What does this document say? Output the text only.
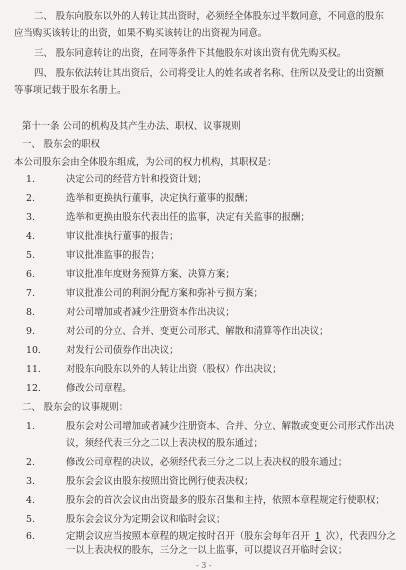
二、 股东向股东以外的人转让其出资时，必须经全体股东过半数同意，不同意的股东应当购买该转让的出资，如果不购买该转让的出资视为同意。
三、 股东同意转让的出资，在同等条件下其他股东对该出资有优先购买权。
四、 股东依法转让其出资后，公司将受让人的姓名或者名称、住所以及受让的出资额等事项记载于股东名册上。
第十一条 公司的机构及其产生办法、职权、议事规则
一、 股东会的职权
本公司股东会由全体股东组成，为公司的权力机构，其职权是：
1.	决定公司的经营方针和投资计划；
2.	选举和更换执行董事，决定执行董事的报酬；
3.	选举和更换由股东代表出任的监事，决定有关监事的报酬；
4.	审议批准执行董事的报告；
5.	审议批准监事的报告；
6.	审议批准年度财务预算方案、决算方案；
7.	审议批准公司的利润分配方案和弥补亏损方案；
8.	对公司增加或者减少注册资本作出决议；
9.	对公司的分立、合并、变更公司形式、解散和清算等作出决议；
10.	对发行公司债券作出决议；
11.	对股东向股东以外的人转让出资（股权）作出决议；
12.	修改公司章程。
二、 股东会的议事规则：
1.	股东会对公司增加或者减少注册资本、合并、分立、解散或变更公司形式作出决
议，须经代表三分之二以上表决权的股东通过；
2.	修改公司章程的决议，必须经代表三分之二以上表决权的股东通过；
3.	股东会会议由股东按照出资比例行使表决权；
4.	股东会的首次会议由出资最多的股东召集和主持，依照本章程规定行使职权；
5.	股东会会议分为定期会议和临时会议；
6.	定期会议应当按照本章程的规定按时召开（股东会每年召开 1 次），代表四分之
一以上表决权的股东，三分之一以上监事，可以提议召开临时会议；
- 3 -
